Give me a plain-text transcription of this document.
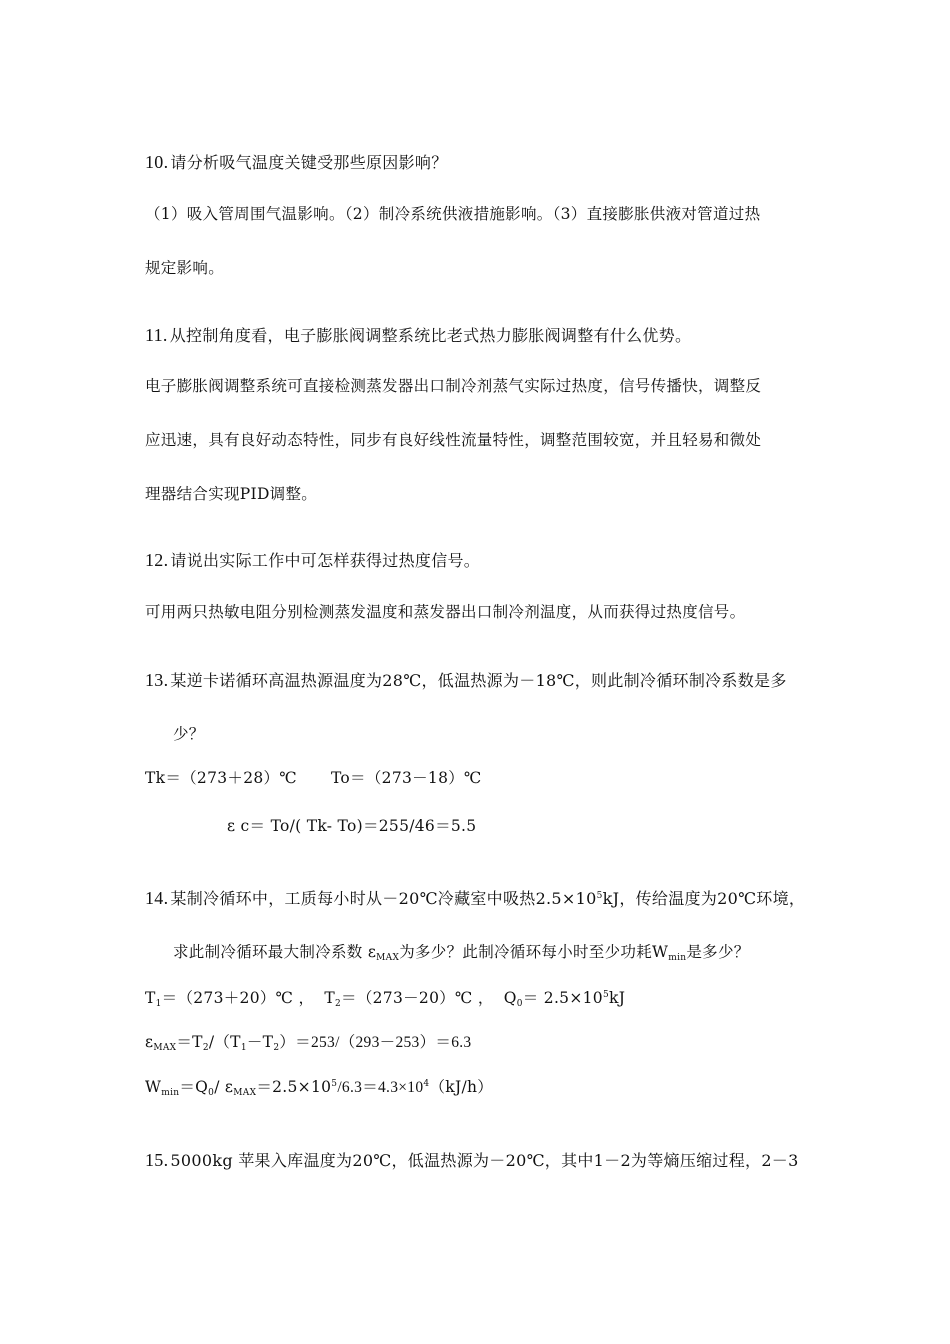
10. 请分析吸气温度关键受那些原因影响？
（1）吸入管周围气温影响。（2）制冷系统供液措施影响。（3）直接膨胀供液对管道过热
规定影响。
11. 从控制角度看，电子膨胀阀调整系统比老式热力膨胀阀调整有什么优势。
电子膨胀阀调整系统可直接检测蒸发器出口制冷剂蒸气实际过热度，信号传播快，调整反
应迅速，具有良好动态特性，同步有良好线性流量特性，调整范围较宽，并且轻易和微处
理器结合实现PID调整。
12. 请说出实际工作中可怎样获得过热度信号。
可用两只热敏电阻分别检测蒸发温度和蒸发器出口制冷剂温度，从而获得过热度信号。
13. 某逆卡诺循环高温热源温度为28℃，低温热源为－18℃，则此制冷循环制冷系数是多
少？
Tk＝（273＋28）℃ To＝（273－18）℃
ε c＝ To/( Tk- To)＝255/46＝5.5
14. 某制冷循环中，工质每小时从－20℃冷藏室中吸热$2.5\times 10^5kJ$，传给温度为20℃环境，
求此制冷循环最大制冷系数 $\varepsilon_{MAX}$为多少？此制冷循环每小时至少功耗$W_{min}$是多少？
$T_1=(273+20)℃$ ， $T_2=(273-20)℃$ ， $Q_0= 2.5\times 10^5kJ$
$\varepsilon_{MAX}=T_2/(T_1-T_2)=253/(293-253)=6.3$
$W_{min}=Q_0/$ $\varepsilon_{MAX}=2.5\times 10^5/6.3=4.3\times 10^4(kJ/h)$
15. 5000kg 苹果入库温度为20℃，低温热源为－20℃，其中1－2为等熵压缩过程，2－3
